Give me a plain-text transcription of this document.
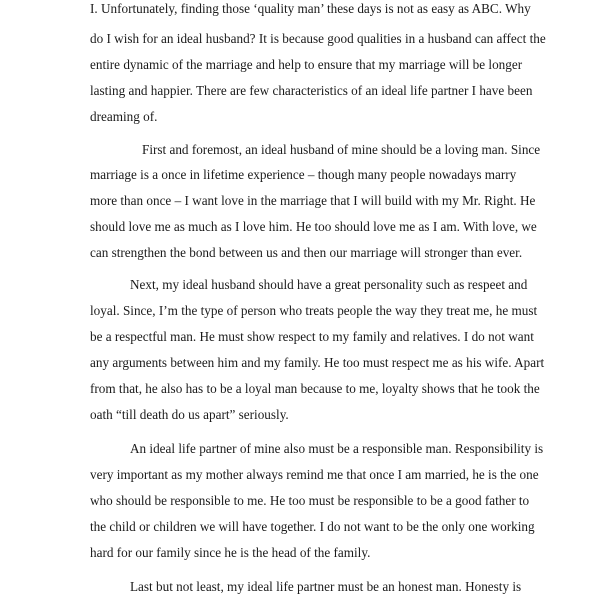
I. Unfortunately, finding those ‘quality man’ these days is not as easy as ABC. Why
do I wish for an ideal husband? It is because good qualities in a husband can affect the
entire dynamic of the marriage and help to ensure that my marriage will be longer
lasting and happier. There are few characteristics of an ideal life partner I have been
dreaming of.
First and foremost, an ideal husband of mine should be a loving man. Since
marriage is a once in lifetime experience – though many people nowadays marry
more than once – I want love in the marriage that I will build with my Mr. Right. He
should love me as much as I love him. He too should love me as I am. With love, we
can strengthen the bond between us and then our marriage will stronger than ever.
Next, my ideal husband should have a great personality such as respeet and
loyal. Since, I’m the type of person who treats people the way they treat me, he must
be a respectful man. He must show respect to my family and relatives. I do not want
any arguments between him and my family. He too must respect me as his wife. Apart
from that, he also has to be a loyal man because to me, loyalty shows that he took the
oath “till death do us apart” seriously.
An ideal life partner of mine also must be a responsible man. Responsibility is
very important as my mother always remind me that once I am married, he is the one
who should be responsible to me. He too must be responsible to be a good father to
the child or children we will have together. I do not want to be the only one working
hard for our family since he is the head of the family.
Last but not least, my ideal life partner must be an honest man. Honesty is
